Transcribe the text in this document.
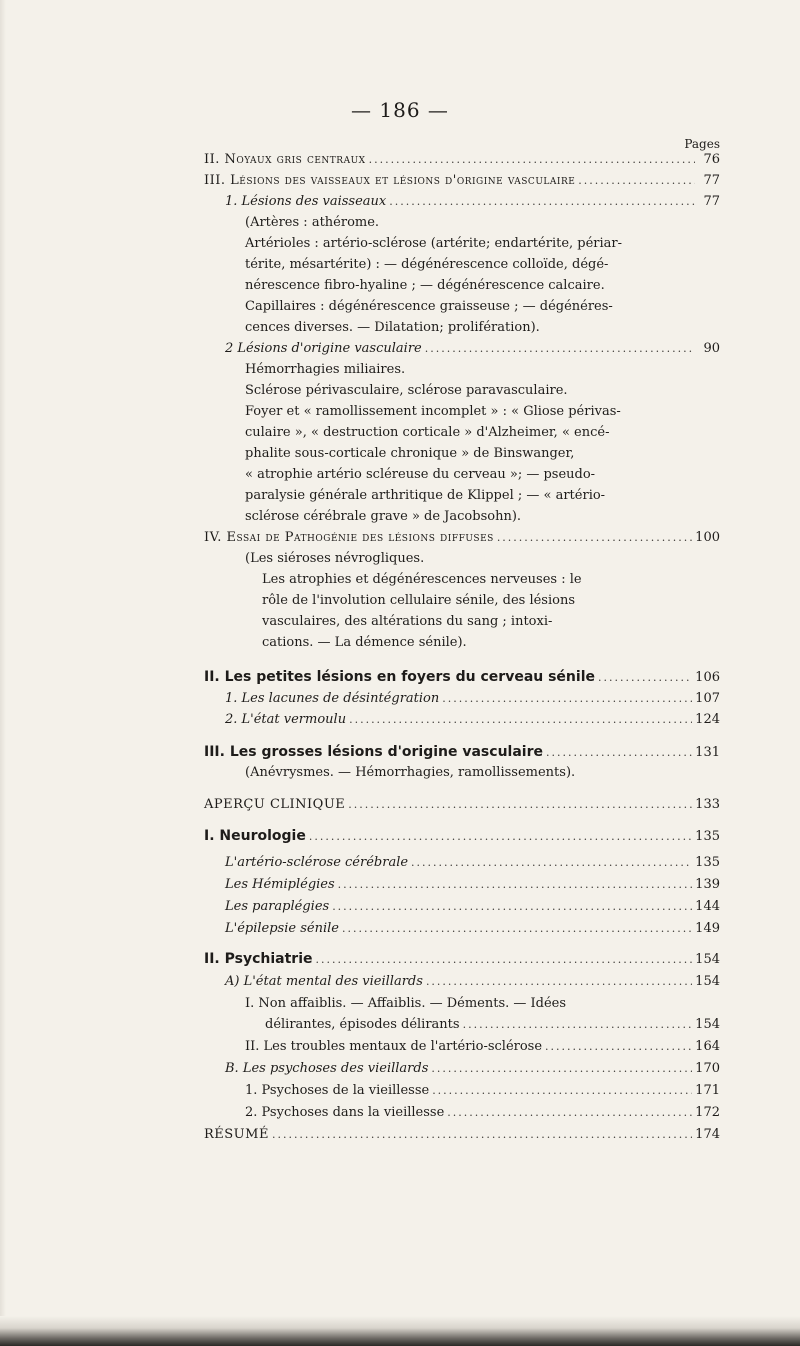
— 186 —
Pages
II. Noyaux gris centraux .....	76
III. Lésions des vaisseaux et lésions d'origine vasculaire .....	77
1. Lésions des vaisseaux .....	77
(Artères : athérome.
Artérioles : artério-sclérose (artérite; endartérite, périar-
térite, mésartérite) : — dégénérescence colloïde, dégé-
nérescence fibro-hyaline ; — dégénérescence calcaire.
Capillaires : dégénérescence graisseuse ; — dégénéres-
cences diverses. — Dilatation; prolifération).
2 Lésions d'origine vasculaire .....	90
Hémorrhagies miliaires.
Sclérose périvasculaire, sclérose paravasculaire.
Foyer et « ramollissement incomplet » : « Gliose périvas-
culaire », « destruction corticale » d'Alzheimer, « encé-
phalite sous-corticale chronique » de Binswanger,
« atrophie artério scléreuse du cerveau »; — pseudo-
paralysie générale arthritique de Klippel ; — « artério-
sclérose cérébrale grave » de Jacobsohn).
IV. Essai de Pathogénie des lésions diffuses .....	100
(Les siéroses névrogliques.
Les atrophies et dégénérescences nerveuses : le
rôle de l'involution cellulaire sénile, des lésions
vasculaires, des altérations du sang ; intoxi-
cations. — La démence sénile).
II. Les petites lésions en foyers du cerveau sénile .....	106
1. Les lacunes de désintégration .....	107
2. L'état vermoulu .....	124
III. Les grosses lésions d'origine vasculaire .....	131
(Anévrysmes. — Hémorrhagies, ramollissements).
APERÇU CLINIQUE .....	133
I. Neurologie .....	135
L'artério-sclérose cérébrale .....	135
Les Hémiplégies .....	139
Les paraplégies .....	144
L'épilepsie sénile .....	149
II. Psychiatrie .....	154
A) L'état mental des vieillards .....	154
I. Non affaiblis. — Affaiblis. — Déments. — Idées
délirantes, épisodes délirants .....	154
II. Les troubles mentaux de l'artério-sclérose .....	164
B. Les psychoses des vieillards .....	170
1. Psychoses de la vieillesse .....	171
2. Psychoses dans la vieillesse .....	172
RÉSUMÉ .....	174
